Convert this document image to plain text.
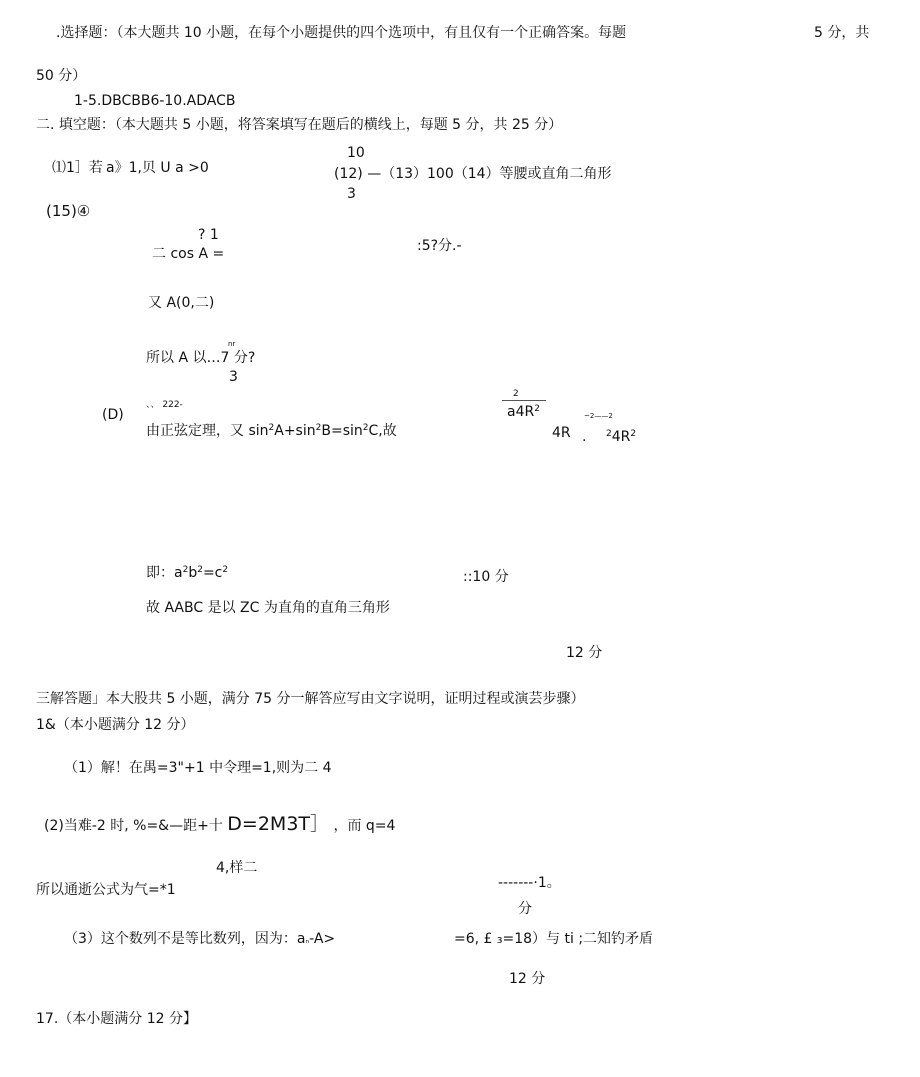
.选择题：（本大题共 10 小题，在每个小题提供的四个选项中，有且仅有一个正确答案。每题	5 分，共
50 分）
1-5.DBCBB6-10.ADACB
二. 填空题：（本大题共 5 小题，将答案填写在题后的横线上，每题 5 分，共 25 分）
⑴1］若 a》1,贝 U a >0
10
(12) —（13）100（14）等腰或直角二角形
3
(15)④
? 1
二 cos A =	:5?分.-
又 A(0,二)
nr
所以 A 以…7 分?
3
(D)
、、 222-
由正弦定理，又 $\sin^2A+\sin^2B=\sin^2C$,故
2
$a4R^2$
~2——2
4R . $^24R^2$
即：$a^2b^2=c^2$	::10 分
故 AABC 是以 ZC 为直角的直角三角形
12 分
三解答题」本大股共 5 小题，满分 75 分一解答应写由文字说明，证明过程或演芸步骤）
1&（本小题满分 12 分）
（1）解！在禺=3"+1 中令理=1,则为二 4
(2)当难-2 时, %=&—距+十 D=2M3T］ ，而 q=4
4,样二
所以通逝公式为气=*1	-------·1。
分
（3）这个数列不是等比数列，因为：aₙ-A>	=6, £ ₃=18）与 ti ;二知钓矛盾
12 分
17.（本小题满分 12 分】
